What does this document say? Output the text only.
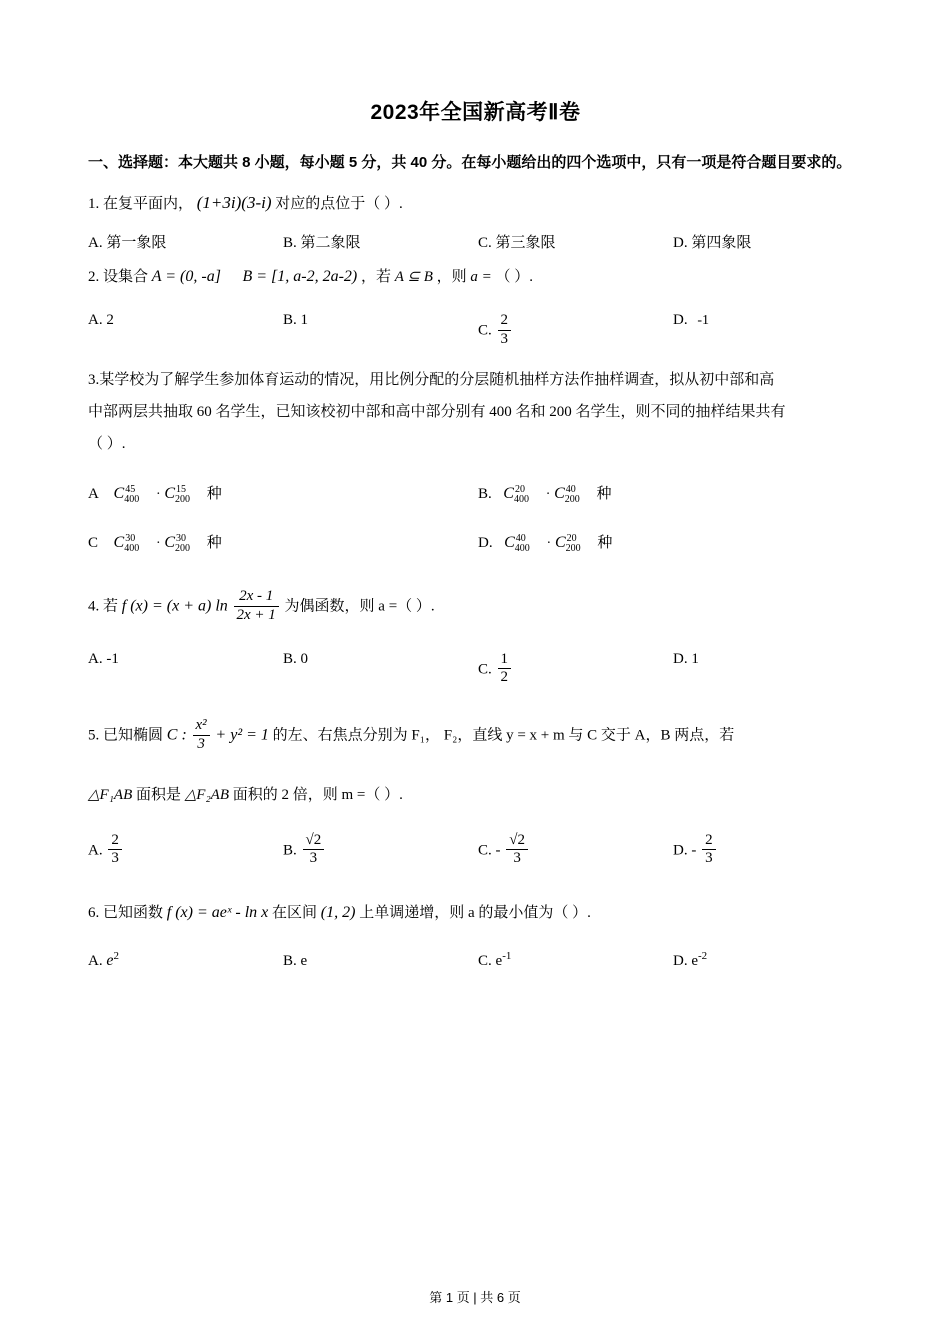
2023年全国新高考Ⅱ卷
一、选择题：本大题共 8 小题，每小题 5 分，共 40 分。在每小题给出的四个选项中，只有一项是符合题目要求的。
1. 在复平面内， (1+3i)(3-i) 对应的点位于（ ）.
A. 第一象限	B. 第二象限	C. 第三象限	D. 第四象限
2. 设集合 A = (0, -a] B = [1, a-2, 2a-2) ，若 A ⊆ B ，则 a = （ ）.
A. 2	B. 1
C. $\frac{2}{3}$	D. -1
3.某学校为了解学生参加体育运动的情况，用比例分配的分层随机抽样方法作抽样调查，拟从初中部和高
中部两层共抽取 60 名学生，已知该校初中部和高中部分别有 400 名和 200 名学生，则不同的抽样结果共有
（ ）.
A $C^{45}_{400} \cdot C^{15}_{200}$ 种	B. $C^{20}_{400} \cdot C^{40}_{200}$ 种
C $C^{30}_{400} \cdot C^{30}_{200}$ 种	D. $C^{40}_{400} \cdot C^{20}_{200}$ 种
4. 若 f (x) = (x + a) $\ln \frac{2x - 1}{2x + 1}$ 为偶函数，则 a =（ ）.
A. -1	B. 0
C. $\frac{1}{2}$	D. 1
5. 已知椭圆 C : $\frac{\text{x²}}{3} + y^2 = 1$ 的左、右焦点分别为 F₁， F₂，直线 y = x + m 与 C 交于 A，B 两点，若
△F₁AB 面积是 △F₂AB 面积的 2 倍，则 m =（ ）.
A. $\frac{2}{3}$	B. $\frac{√2}{3}$	C. - $\frac{√2}{3}$	D. - $\frac{2}{3}$
6. 已知函数 f (x) = aeˣ - ln x 在区间 (1, 2) 上单调递增，则 a 的最小值为（ ）.
A. $e^2$	B. e	C. $e^{-1}$	D. $e^{-2}$
第 1 页 | 共 6 页
